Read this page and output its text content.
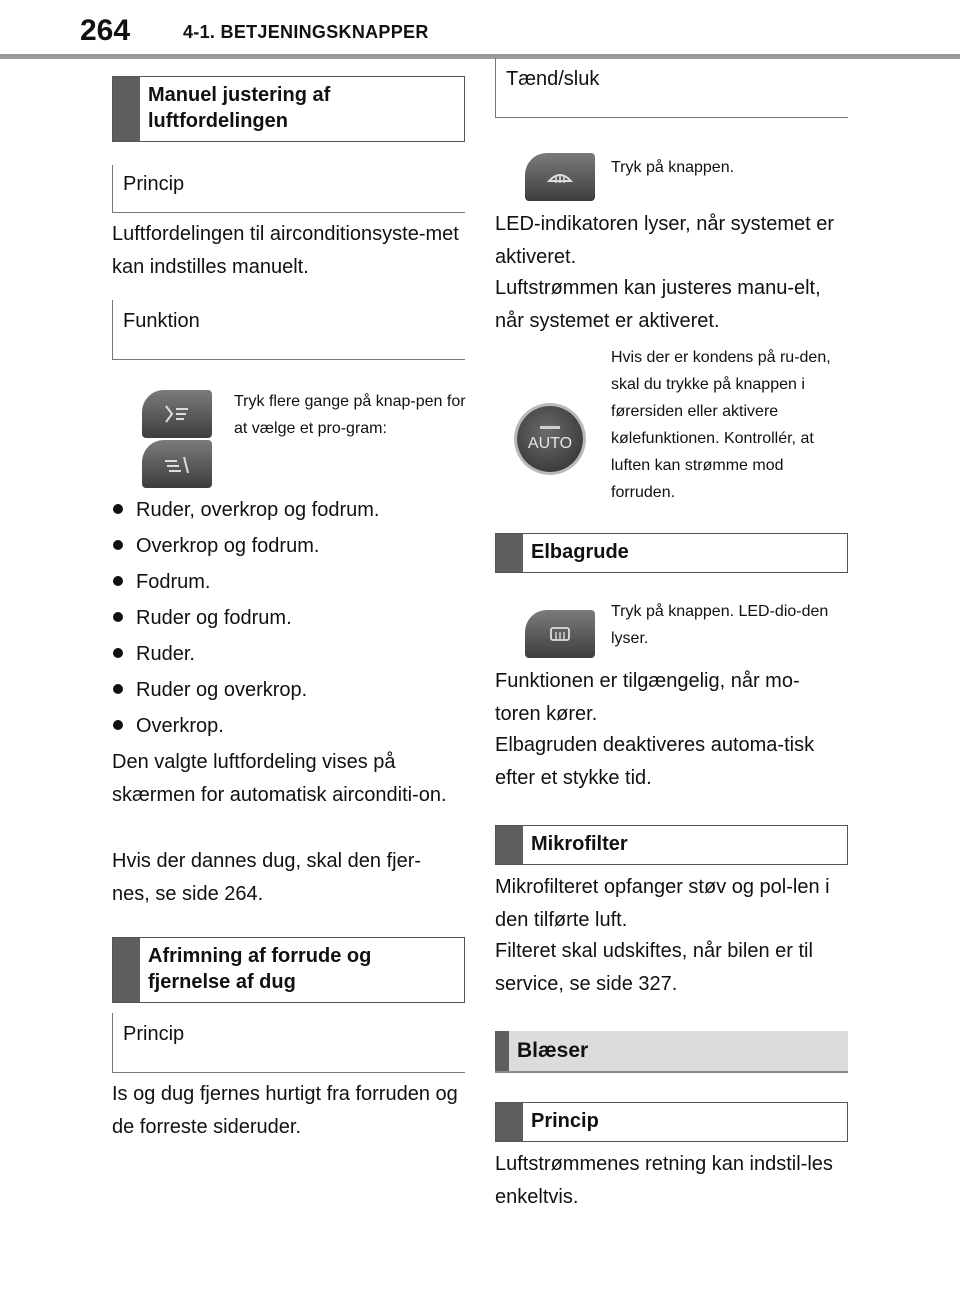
264	4-1. BETJENINGSKNAPPER
Manuel justering af luftfordelingen
Princip
Luftfordelingen til airconditionsyste-met kan indstilles manuelt.
Funktion
Tryk flere gange på knap-pen for at vælge et pro-gram:
Ruder, overkrop og fodrum.
Overkrop og fodrum.
Fodrum.
Ruder og fodrum.
Ruder.
Ruder og overkrop.
Overkrop.
Den valgte luftfordeling vises på skærmen for automatisk airconditi-on.
Hvis der dannes dug, skal den fjer-nes, se side 264.
Afrimning af forrude og fjernelse af dug
Princip
Is og dug fjernes hurtigt fra forruden og de forreste sideruder.
Tænd/sluk
Tryk på knappen.
LED-indikatoren lyser, når systemet er aktiveret.
Luftstrømmen kan justeres manu-elt, når systemet er aktiveret.
AUTO
Hvis der er kondens på ru-den, skal du trykke på knappen i førersiden eller aktivere kølefunktionen. Kontrollér, at luften kan strømme mod forruden.
Elbagrude
Tryk på knappen. LED-dio-den lyser.
Funktionen er tilgængelig, når mo-toren kører.
Elbagruden deaktiveres automa-tisk efter et stykke tid.
Mikrofilter
Mikrofilteret opfanger støv og pol-len i den tilførte luft.
Filteret skal udskiftes, når bilen er til service, se side 327.
Blæser
Princip
Luftstrømmenes retning kan indstil-les enkeltvis.
